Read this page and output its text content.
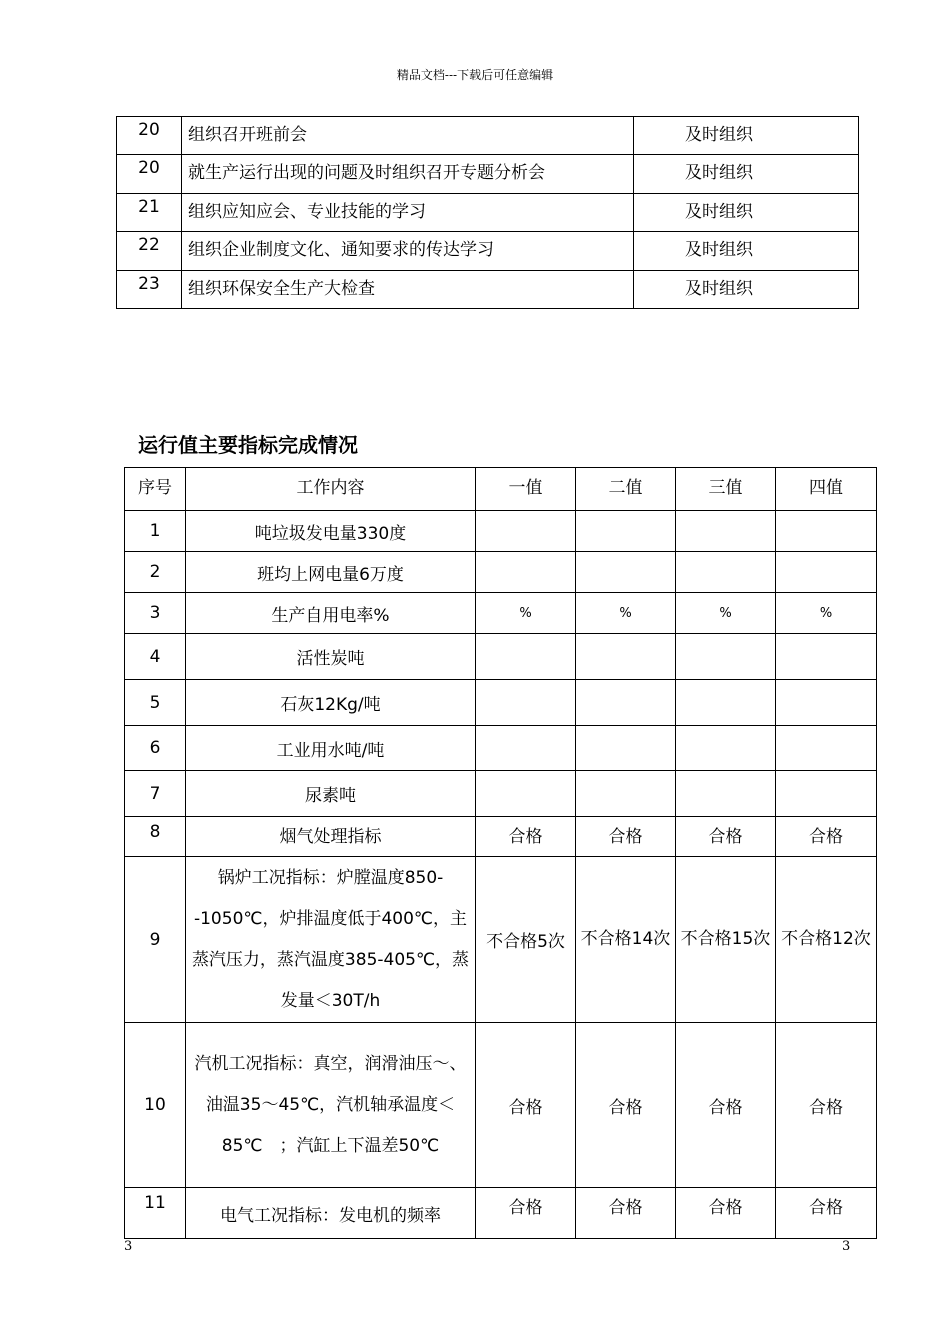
精品文档---下载后可任意编辑
20	组织召开班前会	及时组织
20	就生产运行出现的问题及时组织召开专题分析会	及时组织
21	组织应知应会、专业技能的学习	及时组织
22	组织企业制度文化、通知要求的传达学习	及时组织
23	组织环保安全生产大检查	及时组织
运行值主要指标完成情况
序号	工作内容	一值	二值	三值	四值
1	吨垃圾发电量330度				
2	班均上网电量6万度				
3	生产自用电率%	%	%	%	%
4	活性炭吨				
5	石灰12Kg/吨				
6	工业用水吨/吨				
7	尿素吨				
8	烟气处理指标	合格	合格	合格	合格
9	锅炉工况指标：炉膛温度850--1050℃，炉排温度低于400℃，主蒸汽压力，蒸汽温度385-405℃，蒸发量＜30T/h	不合格5次	不合格14次	不合格15次	不合格12次
10	汽机工况指标：真空，润滑油压～、油温35～45℃，汽机轴承温度＜85℃　；汽缸上下温差50℃	合格	合格	合格	合格
11	电气工况指标：发电机的频率	合格	合格	合格	合格
3	3
